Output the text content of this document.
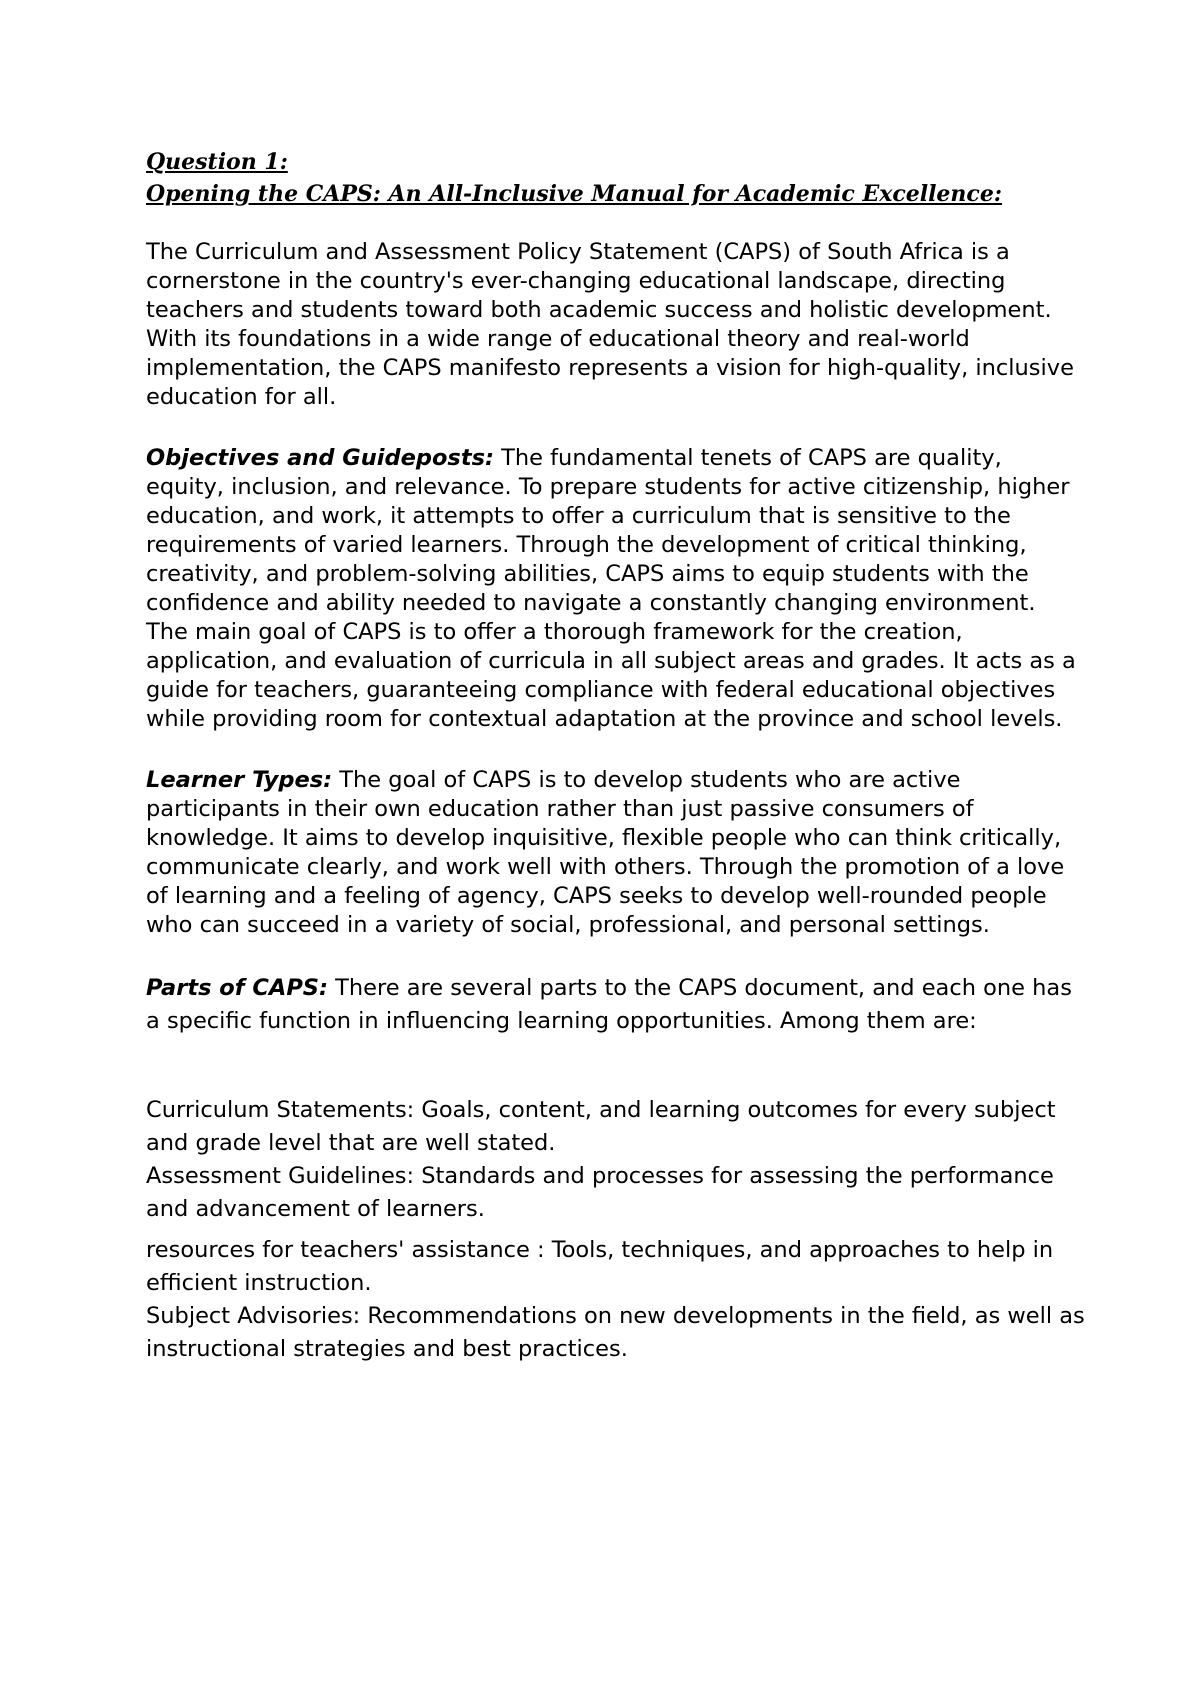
Question 1:

Opening the CAPS: An All-Inclusive Manual for Academic Excellence:

The Curriculum and Assessment Policy Statement (CAPS) of South Africa is a cornerstone in the country's ever-changing educational landscape, directing teachers and students toward both academic success and holistic development. With its foundations in a wide range of educational theory and real-world implementation, the CAPS manifesto represents a vision for high-quality, inclusive education for all.

Objectives and Guideposts: The fundamental tenets of CAPS are quality, equity, inclusion, and relevance. To prepare students for active citizenship, higher education, and work, it attempts to offer a curriculum that is sensitive to the requirements of varied learners. Through the development of critical thinking, creativity, and problem-solving abilities, CAPS aims to equip students with the confidence and ability needed to navigate a constantly changing environment.

The main goal of CAPS is to offer a thorough framework for the creation, application, and evaluation of curricula in all subject areas and grades. It acts as a guide for teachers, guaranteeing compliance with federal educational objectives while providing room for contextual adaptation at the province and school levels.

Learner Types: The goal of CAPS is to develop students who are active participants in their own education rather than just passive consumers of knowledge. It aims to develop inquisitive, flexible people who can think critically, communicate clearly, and work well with others. Through the promotion of a love of learning and a feeling of agency, CAPS seeks to develop well-rounded people who can succeed in a variety of social, professional, and personal settings.

Parts of CAPS: There are several parts to the CAPS document, and each one has a specific function in influencing learning opportunities. Among them are:

Curriculum Statements: Goals, content, and learning outcomes for every subject and grade level that are well stated.

Assessment Guidelines: Standards and processes for assessing the performance and advancement of learners.

resources for teachers' assistance : Tools, techniques, and approaches to help in efficient instruction.

Subject Advisories: Recommendations on new developments in the field, as well as instructional strategies and best practices.
